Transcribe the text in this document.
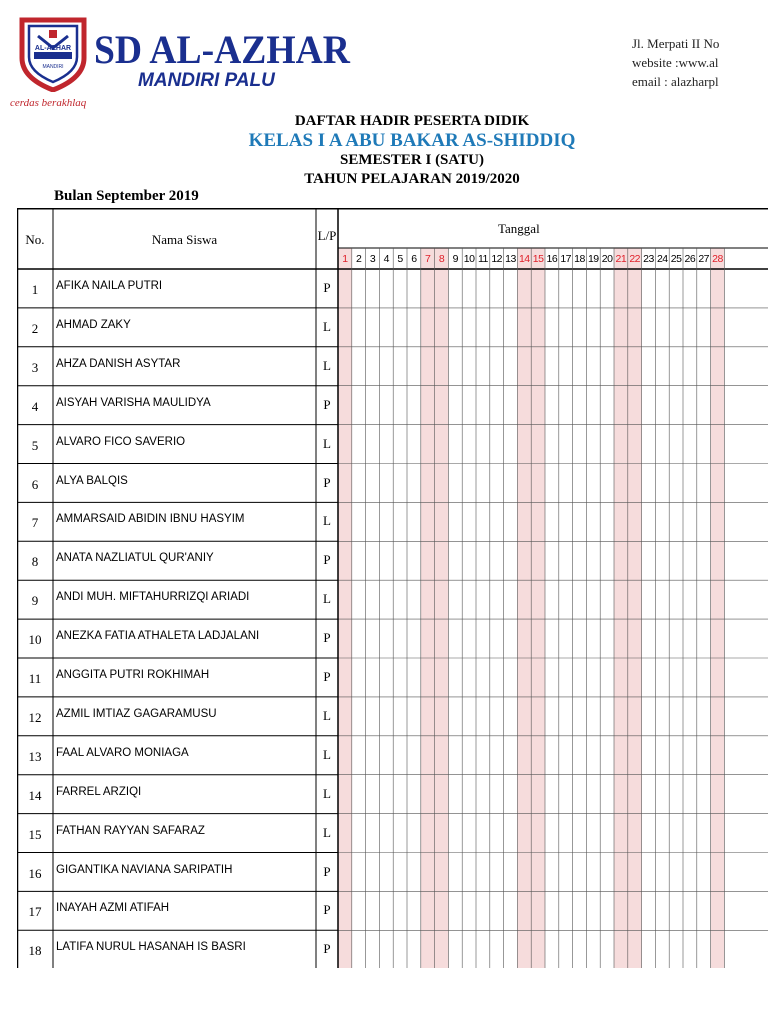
AL-AZHAR
MANDIRI SD AL-AZHAR
MANDIRI PALU
cerdas berakhlaq
Jl. Merpati II No
website :www.al
email : alazharpl
DAFTAR HADIR PESERTA DIDIK
KELAS I A ABU BAKAR AS-SHIDDIQ
SEMESTER I (SATU)
TAHUN PELAJARAN 2019/2020
Bulan September 2019
No.	Nama Siswa	L/P	Tanggal
1 2 3 4 5 6 7 8 9 10 11 12 13 14 15 16 17 18 19 20 21 22 23 24 25 26 27 28
1	AFIKA NAILA PUTRI	P
2	AHMAD ZAKY	L
3	AHZA DANISH ASYTAR	L
4	AISYAH VARISHA MAULIDYA	P
5	ALVARO FICO SAVERIO	L
6	ALYA BALQIS	P
7	AMMARSAID ABIDIN IBNU HASYIM	L
8	ANATA NAZLIATUL QUR'ANIY	P
9	ANDI MUH. MIFTAHURRIZQI ARIADI	L
10	ANEZKA FATIA ATHALETA LADJALANI	P
11	ANGGITA PUTRI ROKHIMAH	P
12	AZMIL IMTIAZ GAGARAMUSU	L
13	FAAL ALVARO MONIAGA	L
14	FARREL ARZIQI	L
15	FATHAN RAYYAN SAFARAZ	L
16	GIGANTIKA NAVIANA SARIPATIH	P
17	INAYAH AZMI ATIFAH	P
18	LATIFA NURUL HASANAH IS BASRI	P
